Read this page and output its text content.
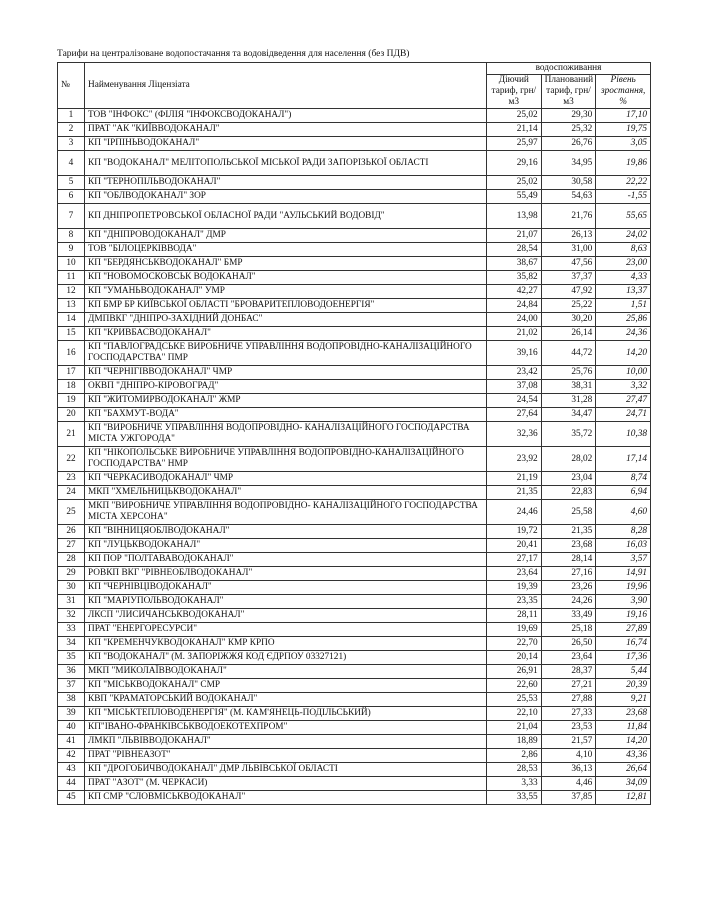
Тарифи на централізоване водопостачання та водовідведення для населення (без ПДВ)
№	Найменування Ліцензіата	водоспоживання		
		Діючий тариф, грн/м3	Планований тариф, грн/м3	Рівень зростання, %
1	ТОВ "ІНФОКС" (ФІЛІЯ "ІНФОКСВОДОКАНАЛ")	25,02	29,30	17,10
2	ПРАТ "АК "КИЇВВОДОКАНАЛ"	21,14	25,32	19,75
3	КП "ІРПІНЬВОДОКАНАЛ"	25,97	26,76	3,05
4	КП "ВОДОКАНАЛ" МЕЛІТОПОЛЬСЬКОЇ МІСЬКОЇ РАДИ ЗАПОРІЗЬКОЇ ОБЛАСТІ	29,16	34,95	19,86
5	КП "ТЕРНОПІЛЬВОДОКАНАЛ"	25,02	30,58	22,22
6	КП "ОБЛВОДОКАНАЛ" ЗОР	55,49	54,63	-1,55
7	КП ДНІПРОПЕТРОВСЬКОЇ ОБЛАСНОЇ РАДИ "АУЛЬСЬКИЙ ВОДОВІД"	13,98	21,76	55,65
8	КП "ДНІПРОВОДОКАНАЛ" ДМР	21,07	26,13	24,02
9	ТОВ "БІЛОЦЕРКІВВОДА"	28,54	31,00	8,63
10	КП "БЕРДЯНСЬКВОДОКАНАЛ" БМР	38,67	47,56	23,00
11	КП "НОВОМОСКОВСЬК ВОДОКАНАЛ"	35,82	37,37	4,33
12	КП "УМАНЬВОДОКАНАЛ" УМР	42,27	47,92	13,37
13	КП БМР БР КИЇВСЬКОЇ ОБЛАСТІ "БРОВАРИТЕПЛОВОДОЕНЕРГІЯ"	24,84	25,22	1,51
14	ДМПВКГ "ДНІПРО-ЗАХІДНИЙ ДОНБАС"	24,00	30,20	25,86
15	КП "КРИВБАСВОДОКАНАЛ"	21,02	26,14	24,36
16	КП "ПАВЛОГРАДСЬКЕ ВИРОБНИЧЕ УПРАВЛІННЯ ВОДОПРОВІДНО-КАНАЛІЗАЦІЙНОГО ГОСПОДАРСТВА" ПМР	39,16	44,72	14,20
17	КП "ЧЕРНІГІВВОДОКАНАЛ" ЧМР	23,42	25,76	10,00
18	ОКВП "ДНІПРО-КІРОВОГРАД"	37,08	38,31	3,32
19	КП "ЖИТОМИРВОДОКАНАЛ" ЖМР	24,54	31,28	27,47
20	КП "БАХМУТ-ВОДА"	27,64	34,47	24,71
21	КП "ВИРОБНИЧЕ УПРАВЛІННЯ ВОДОПРОВІДНО- КАНАЛІЗАЦІЙНОГО ГОСПОДАРСТВА МІСТА УЖГОРОДА"	32,36	35,72	10,38
22	КП "НІКОПОЛЬСЬКЕ ВИРОБНИЧЕ УПРАВЛІННЯ ВОДОПРОВІДНО-КАНАЛІЗАЦІЙНОГО ГОСПОДАРСТВА" НМР	23,92	28,02	17,14
23	КП "ЧЕРКАСИВОДОКАНАЛ" ЧМР	21,19	23,04	8,74
24	МКП "ХМЕЛЬНИЦЬКВОДОКАНАЛ"	21,35	22,83	6,94
25	МКП "ВИРОБНИЧЕ УПРАВЛІННЯ ВОДОПРОВІДНО- КАНАЛІЗАЦІЙНОГО ГОСПОДАРСТВА МІСТА ХЕРСОНА"	24,46	25,58	4,60
26	КП "ВІННИЦЯОБЛВОДОКАНАЛ"	19,72	21,35	8,28
27	КП "ЛУЦЬКВОДОКАНАЛ"	20,41	23,68	16,03
28	КП ПОР "ПОЛТАВАВОДОКАНАЛ"	27,17	28,14	3,57
29	РОВКП ВКГ "РІВНЕОБЛВОДОКАНАЛ"	23,64	27,16	14,91
30	КП "ЧЕРНІВЦІВОДОКАНАЛ"	19,39	23,26	19,96
31	КП "МАРІУПОЛЬВОДОКАНАЛ"	23,35	24,26	3,90
32	ЛКСП "ЛИСИЧАНСЬКВОДОКАНАЛ"	28,11	33,49	19,16
33	ПРАТ "ЕНЕРГОРЕСУРСИ"	19,69	25,18	27,89
34	КП "КРЕМЕНЧУКВОДОКАНАЛ" КМР КРПО	22,70	26,50	16,74
35	КП "ВОДОКАНАЛ" (М. ЗАПОРІЖЖЯ КОД ЄДРПОУ 03327121)	20,14	23,64	17,36
36	МКП "МИКОЛАЇВВОДОКАНАЛ"	26,91	28,37	5,44
37	КП "МІСЬКВОДОКАНАЛ" СМР	22,60	27,21	20,39
38	КВП "КРАМАТОРСЬКИЙ ВОДОКАНАЛ"	25,53	27,88	9,21
39	КП "МІСЬКТЕПЛОВОДЕНЕРГІЯ" (М. КАМ'ЯНЕЦЬ-ПОДІЛЬСЬКИЙ)	22,10	27,33	23,68
40	КП"ІВАНО-ФРАНКІВСЬКВОДОЕКОТЕХПРОМ"	21,04	23,53	11,84
41	ЛМКП "ЛЬВІВВОДОКАНАЛ"	18,89	21,57	14,20
42	ПРАТ "РІВНЕАЗОТ"	2,86	4,10	43,36
43	КП "ДРОГОБИЧВОДОКАНАЛ" ДМР ЛЬВІВСЬКОЇ ОБЛАСТІ	28,53	36,13	26,64
44	ПРАТ "АЗОТ" (М. ЧЕРКАСИ)	3,33	4,46	34,09
45	КП СМР "СЛОВМІСЬКВОДОКАНАЛ"	33,55	37,85	12,81
